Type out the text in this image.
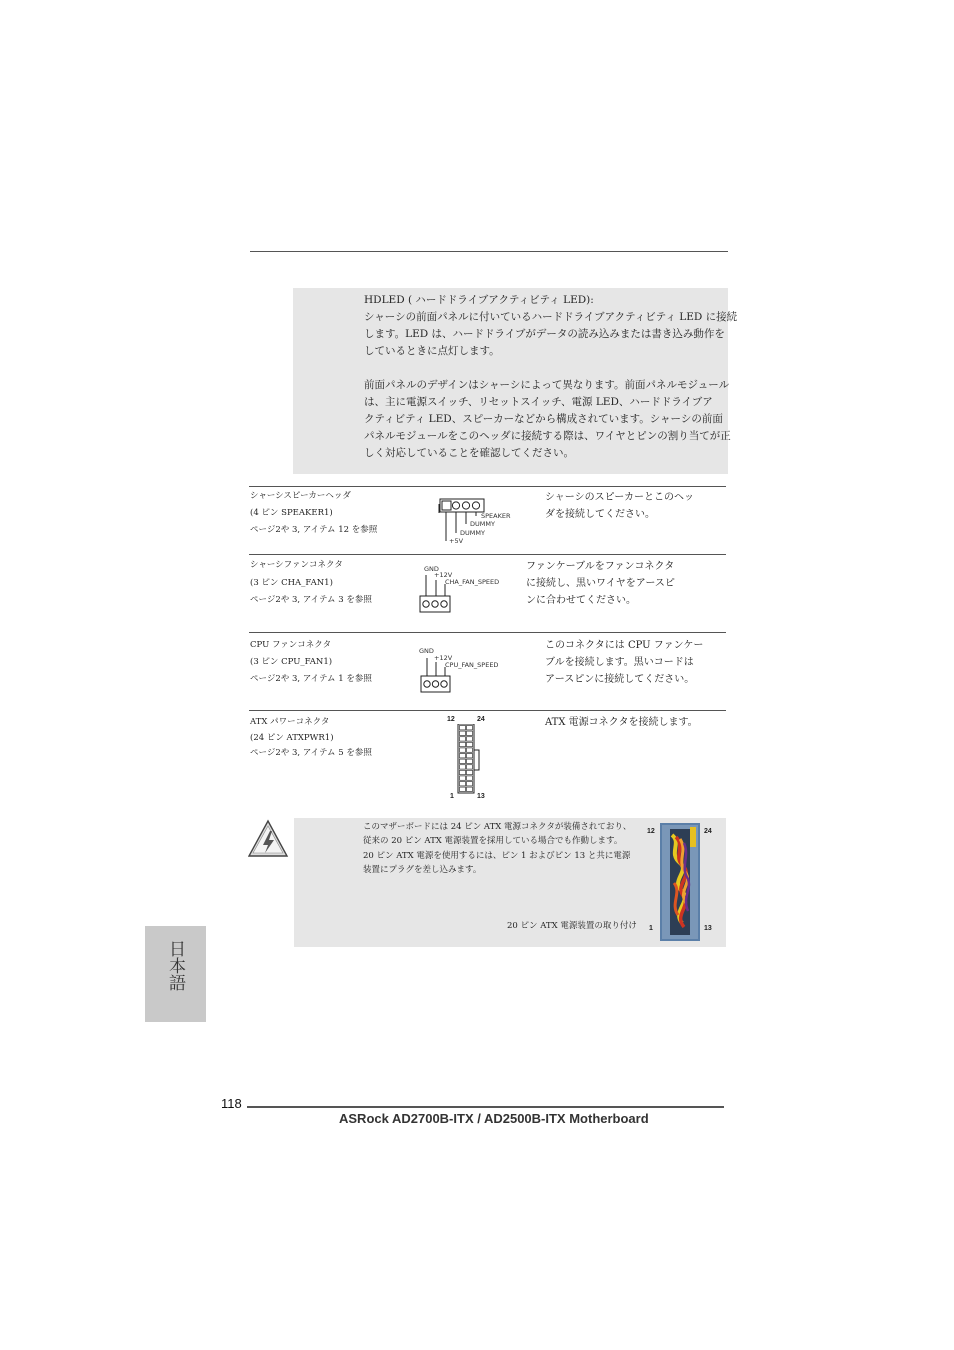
HDLED ( ハードドライブアクティビティ LED):
シャーシの前面パネルに付いているハードドライブアクティビティ LED に接続
します。LED は、ハードドライブがデータの読み込みまたは書き込み動作を
しているときに点灯します。
前面パネルのデザインはシャーシによって異なります。前面パネルモジュール
は、主に電源スイッチ、リセットスイッチ、電源 LED、ハードドライブア
クティビティ LED、スピーカーなどから構成されています。シャーシの前面
パネルモジュールをこのヘッダに接続する際は、ワイヤとピンの割り当てが正
しく対応していることを確認してください。
シャーシスピーカーヘッダ
(4 ピン SPEAKER1)
ページ2や 3, アイテム 12 を参照
シャーシのスピーカーとこのヘッ
ダを接続してください。
SPEAKER
DUMMY
DUMMY
+5V
シャーシファンコネクタ
(3 ピン CHA_FAN1)
ページ2や 3, アイテム 3 を参照
ファンケーブルをファンコネクタ
に接続し、黒いワイヤをアースピ
ンに合わせてください。
GND
+12V
CHA_FAN_SPEED
CPU ファンコネクタ
(3 ピン CPU_FAN1)
ページ2や 3, アイテム 1 を参照
このコネクタには CPU ファンケー
ブルを接続します。黒いコードは
アースピンに接続してください。
GND
+12V
CPU_FAN_SPEED
ATX パワーコネクタ
(24 ピン ATXPWR1)
ページ2や 3, アイテム 5 を参照
ATX 電源コネクタを接続します。
12	24
1	13
このマザーボードには 24 ピン ATX 電源コネクタが装備されており、
従来の 20 ピン ATX 電源装置を採用している場合でも作動します。
20 ピン ATX 電源を使用するには、ピン 1 およびピン 13 と共に電源
装置にプラグを差し込みます。
20 ピン ATX 電源装置の取り付け
12	24
1	13
日本語
118
ASRock AD2700B-ITX / AD2500B-ITX Motherboard
